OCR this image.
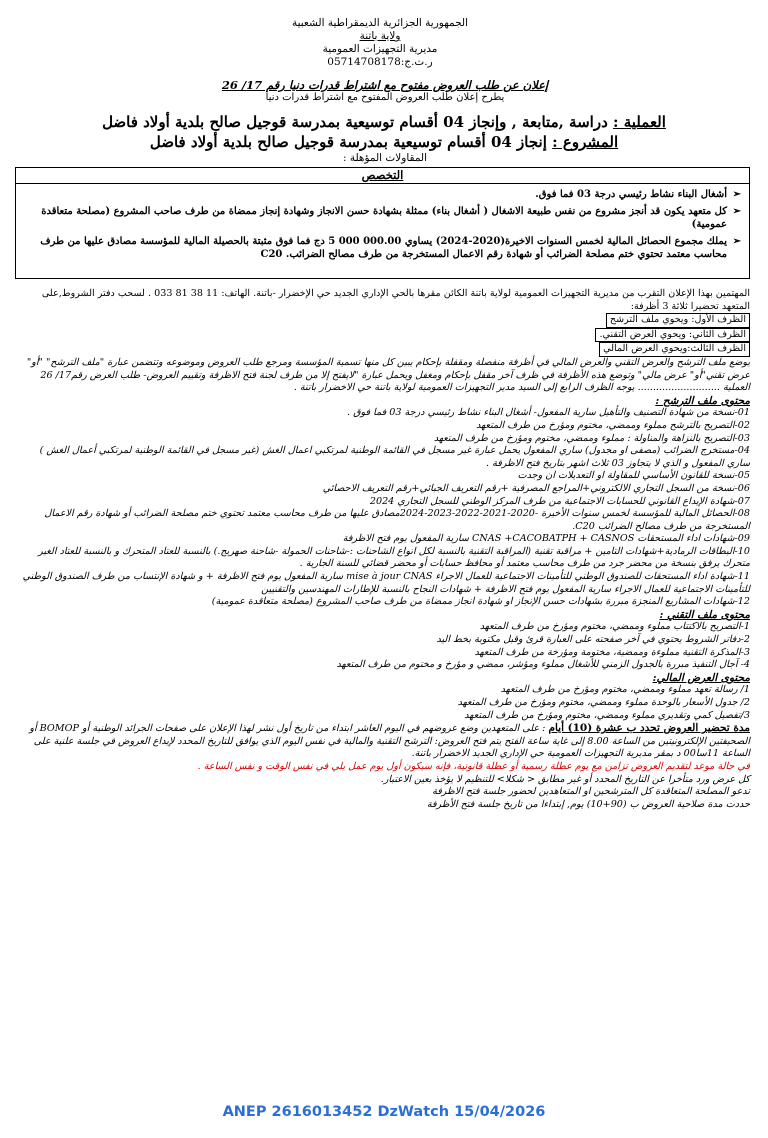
الجمهورية الجزائرية الديمقراطية الشعبية
ولاية باتنة
مديرية التجهيزات العمومية
ر.ت.ج:05714708178
إعلان عن طلب العروض مفتوح مع اشتراط قدرات دنيا رقم 17/ 26
يطرح إعلان طلب العروض المفتوح مع اشتراط قدرات دنيا
العملية : دراسة ,متابعة , وإنجاز 04 أقسام توسيعية بمدرسة قوجيل صالح بلدية أولاد فاضل
المشروع : إنجاز 04 أقسام توسيعية بمدرسة قوجيل صالح بلدية أولاد فاضل
المقاولات المؤهلة :
التخصص
➢
أشغال البناء نشاط رئيسي درجة 03 فما فوق.
➢
كل متعهد يكون قد أنجز مشروع من نفس طبيعة الاشغال ( أشغال بناء) ممثلة بشهادة حسن الانجاز وشهادة إنجاز ممضاة من طرف صاحب المشروع (مصلحة متعاقدة عمومية)
➢
يملك مجموع الحصائل المالية لخمس السنوات الاخيرة(2020-2024) يساوي 000.00 000 5 دج فما فوق مثبتة بالحصيلة المالية للمؤسسة مصادق عليها من طرف محاسب معتمد تحتوي ختم مصلحة الضرائب أو شهادة رقم الاعمال المستخرجة من طرف مصالح الضرائب. C20

المهتمين بهذا الإعلان التقرب من مديرية التجهيزات العمومية لولاية باتنة الكائن مقرها بالحي الإداري الجديد حي الإخضرار -باتنة. الهاتف: 11 38 81 033 . لسحب دفتر الشروط,على المتعهد تحضيرا ثلاثة 3 أظرفة:

الظرف الأول: ويحوي ملف الترشح

الظرف الثاني: ويحوي العرض التقني.

الظرف الثالث:ويحوي العرض المالي

يوضع ملف الترشح والعرض التقني والعرض المالي في أظرفة منفصلة ومقفلة بإحكام يبين كل منها تسمية المؤسسة ومرجع طلب العروض وموضوعه وتتضمن عبارة "ملف الترشح" "أو" عرض تقني"أو" عرض مالي" وتوضع هذه الأظرفة في ظرف آخر مقفل بإحكام ومغفل ويحمل عبارة "لايفتح إلا من طرف لجنة فتح الاظرفة وتقييم العروض- طلب العرض رقم17/ 26 العملية ........................... يوجه الظرف الرابع إلى السيد مدير التجهيزات العمومية لولاية باتنة حي الاخضرار باتنة .

محتوى ملف الترشح :

01-نسخة من شهادة التصنيف والتأهيل سارية المفعول- أشغال البناء نشاط رئيسي درجة 03 فما فوق .

02-التصريح بالترشح مملوء وممضي، مختوم ومؤرخ من طرف المتعهد

03-التصريح بالنزاهة والمناولة : مملوء وممضي، مختوم ومؤرخ من طرف المتعهد

04-مستخرج الضرائب (مصفى او مجدول) ساري المفعول يحمل عبارة غير مسجل في القائمة الوطنية لمرتكبي اعمال الغش (غير مسجل في القائمة الوطنية لمرتكبي أعمال الغش ) ساري المفعول و الذي لا يتجاوز 03 ثلاث اشهر بتاريخ فتح الاظرفة .

05-نسخة للقانون الأساسي للمقاولة او التعديلات ان وجدت

06-نسخة من السجل التجاري الالكتروني+المراجع المصرفية +رقم التعريف الجبائي+رقم التعريف الاحصائي

07-شهادة الإيداع القانوني للحسابات الاجتماعية من طرف المركز الوطني للسجل التجاري 2024

08-الحصائل المالية للمؤسسة لخمس سنوات الأخيرة -2020-2021-2022-2023-2024مصادق عليها من طرف محاسب معتمد تحتوي ختم مصلحة الضرائب أو شهادة رقم الاعمال المستخرجة من طرف مصالح الضرائب C20.

09-شهادات اداء المستحقات CNAS +CACOBATPH + CASNOS سارية المفعول يوم فتح الاظرفة

10-البطاقات الرمادية+شهادات التامين + مراقبة تقنية (المراقبة التقنية بالنسبة لكل انواع الشاحنات :-شاحنات الحمولة -شاحنة صهريج.) بالنسبة للعتاد المتحرك و بالنسبة للعتاد الغير متحرك يرفق بنسخة من محضر جرد من طرف محاسب معتمد أو محافظ حسابات أو محضر قضائي للسنة الجارية .

11-شهادة اداء المستحقات للصندوق الوطني للتأمينات الاجتماعية للعمال الاجراء mise à jour CNAS سارية المفعول يوم فتح الاظرفة + و شهادة الإنتساب من طرف الصندوق الوطني للتأمينات الاجتماعية للعمال الاجراء سارية المفعول يوم فتح الاظرفة + شهادات النجاح بالنسبة للإطارات المهندسين والتقنيين

12-شهادات المشاريع المنجزة مبررة بشهادات حسن الإنجاز او شهادة انجاز ممضاة من طرف صاحب المشروع (مصلحة متعاقدة عمومية)

محتوى ملف التقني :

1-التصريح بالاكتتاب مملوء وممضي، مختوم ومؤرخ من طرف المتعهد

2-دفاتر الشروط يحتوي في آخر صفحته على العبارة قرئ وقبل مكتوبة بخط اليد

3-المذكرة التقنية مملوءة وممضية، مختومة ومؤرخة من طرف المتعهد

4- آجال التنفيذ مبررة بالجدول الزمني للأشغال مملوء ومؤشر، ممضي و مؤرخ و مختوم من طرف المتعهد

محتوى العرض المالي:

1/ رسالة تعهد مملوء وممضي، مختوم ومؤرخ من طرف المتعهد

2/ جدول الأسعار بالوحدة مملوء وممضي، مختوم ومؤرخ من طرف المتعهد

3/تفصيل كمي وتقديري مملوء وممضي، مختوم ومؤرخ من طرف المتعهد

مدة تحضير العروض تحدد ب عشرة (10) أيام : على المتعهدين وضع عروضهم في اليوم العاشر ابتداء من تاريخ أول نشر لهذا الإعلان على صفحات الجرائد الوطنية أو BOMOP أو الصحيفتين الإلكترونيتين من الساعة 8.00 إلى غاية ساعة الفتح يتم فتح العروض: الترشح التقنية والمالية في نفس اليوم الذي يوافق للتاريخ المحدد لإيداع العروض في جلسة علنية على الساعة 11سا00 د بمقر مديرية التجهيزات العمومية حي الإداري الجديد الاخضرار باتنة.

في حالة موعد لتقديم العروض تزامن مع يوم عطلة رسمية أو عطلة قانونية، فإنه سيكون أول يوم عمل يلي في نفس الوقت و نفس الساعة .

كل عرض ورد متأخرا عن التاريخ المحدد أو غير مطابق < شكلا> للتنظيم لا يؤخذ بعين الاعتبار.

تدعو المصلحة المتعاقدة كل المترشحين او المتعاهدين لحضور جلسة فتح الاظرفة

حددت مدة صلاحية العروض ب (90+10) يوم, إبتداءا من تاريخ جلسة فتح الأظرفة

ANEP 2616013452 DzWatch 15/04/2026
